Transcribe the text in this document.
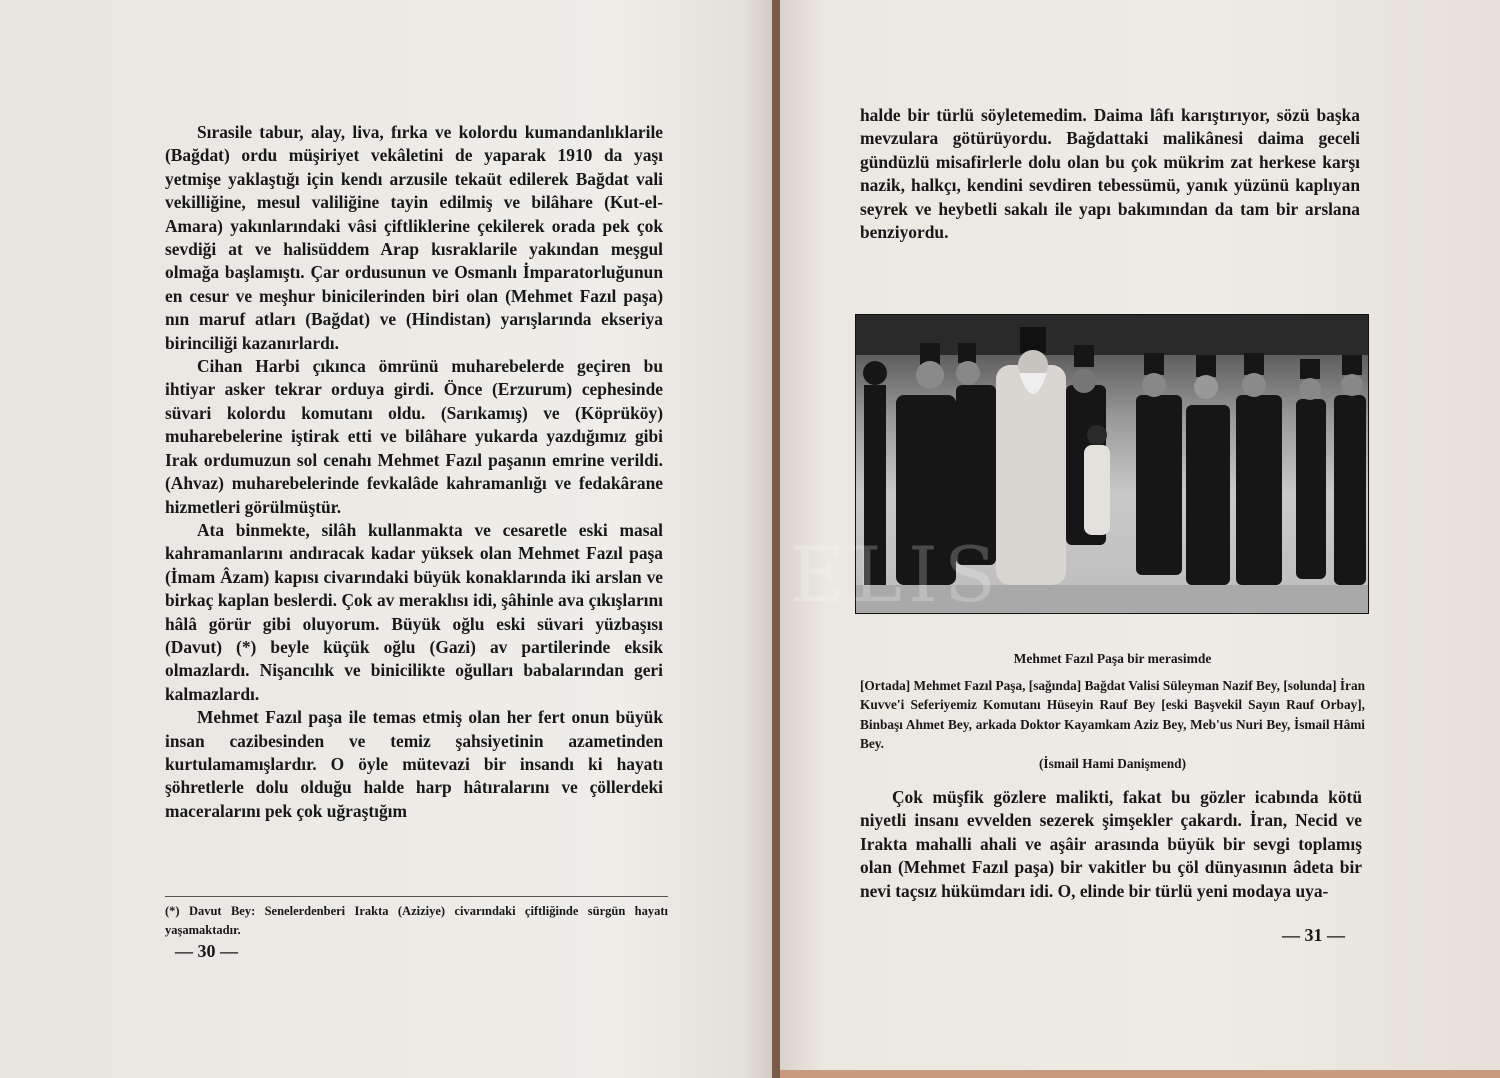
Sırasile tabur, alay, liva, fırka ve kolordu kumandanlıklarile (Bağdat) ordu müşiriyet vekâletini de yaparak 1910 da yaşı yetmişe yaklaştığı için kendı arzusile tekaüt edilerek Bağdat vali vekilliğine, mesul valiliğine tayin edilmiş ve bilâhare (Kut-el-Amara) yakınlarındaki vâsi çiftliklerine çekilerek orada pek çok sevdiği at ve halisüddem Arap kısraklarile yakından meşgul olmağa başlamıştı. Çar ordusunun ve Osmanlı İmparatorluğunun en cesur ve meşhur binicilerinden biri olan (Mehmet Fazıl paşa) nın maruf atları (Bağdat) ve (Hindistan) yarışlarında ekseriya birinciliği kazanırlardı.

Cihan Harbi çıkınca ömrünü muharebelerde geçiren bu ihtiyar asker tekrar orduya girdi. Önce (Erzurum) cephesinde süvari kolordu komutanı oldu. (Sarıkamış) ve (Köprüköy) muharebelerine iştirak etti ve bilâhare yukarda yazdığımız gibi Irak ordumuzun sol cenahı Mehmet Fazıl paşanın emrine verildi. (Ahvaz) muharebelerinde fevkalâde kahramanlığı ve fedakârane hizmetleri görülmüştür.

Ata binmekte, silâh kullanmakta ve cesaretle eski masal kahramanlarını andıracak kadar yüksek olan Mehmet Fazıl paşa (İmam Âzam) kapısı civarındaki büyük konaklarında iki arslan ve birkaç kaplan beslerdi. Çok av meraklısı idi, şâhinle ava çıkışlarını hâlâ görür gibi oluyorum. Büyük oğlu eski süvari yüzbaşısı (Davut) (*) beyle küçük oğlu (Gazi) av partilerinde eksik olmazlardı. Nişancılık ve binicilikte oğulları babalarından geri kalmazlardı.

Mehmet Fazıl paşa ile temas etmiş olan her fert onun büyük insan cazibesinden ve temiz şahsiyetinin azametinden kurtulamamışlardır. O öyle mütevazi bir insandı ki hayatı şöhretlerle dolu olduğu halde harp hâtıralarını ve çöllerdeki maceralarını pek çok uğraştığım

(*) Davut Bey: Senelerdenberi Irakta (Aziziye) civarındaki çiftliğinde sürgün hayatı yaşamaktadır.
— 30 —

halde bir türlü söyletemedim. Daima lâfı karıştırıyor, sözü başka mevzulara götürüyordu. Bağdattaki malikânesi daima geceli gündüzlü misafirlerle dolu olan bu çok mükrim zat herkese karşı nazik, halkçı, kendini sevdiren tebessümü, yanık yüzünü kaplıyan seyrek ve heybetli sakalı ile yapı bakımından da tam bir arslana benziyordu.

Mehmet Fazıl Paşa bir merasimde
[Ortada] Mehmet Fazıl Paşa, [sağında] Bağdat Valisi Süleyman Nazif Bey, [solunda] İran Kuvve'i Seferiyemiz Komutanı Hüseyin Rauf Bey [eski Başvekil Sayın Rauf Orbay], Binbaşı Ahmet Bey, arkada Doktor Kayamkam Aziz Bey, Meb'us Nuri Bey, İsmail Hâmi Bey.
(İsmail Hami Danişmend)

Çok müşfik gözlere malikti, fakat bu gözler icabında kötü niyetli insanı evvelden sezerek şimşekler çakardı. İran, Necid ve Irakta mahalli ahali ve aşâir arasında büyük bir sevgi toplamış olan (Mehmet Fazıl paşa) bir vakitler bu çöl dünyasının âdeta bir nevi taçsız hükümdarı idi. O, elinde bir türlü yeni modaya uya-

— 31 —
ELIS
